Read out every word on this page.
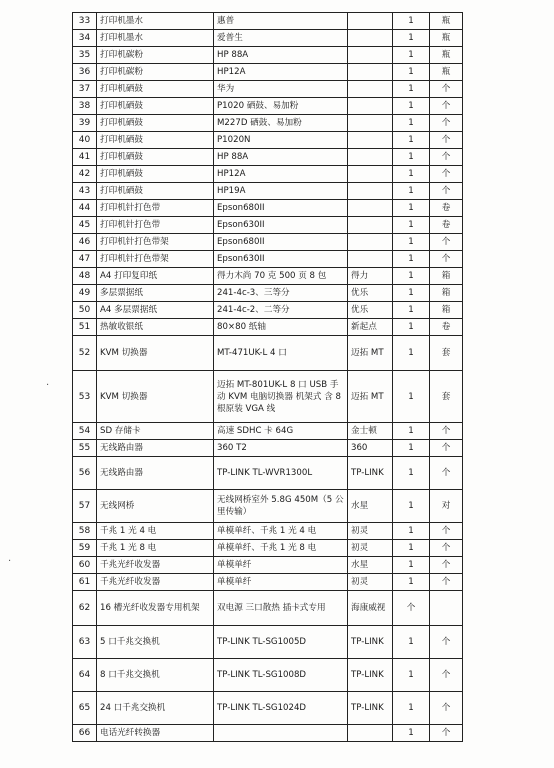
33	打印机墨水	惠普		1	瓶
34	打印机墨水	爱普生		1	瓶
35	打印机碳粉	HP 88A		1	瓶
36	打印机碳粉	HP12A		1	瓶
37	打印机硒鼓	华为		1	个
38	打印机硒鼓	P1020 硒鼓、易加粉		1	个
39	打印机硒鼓	M227D 硒鼓、易加粉		1	个
40	打印机硒鼓	P1020N		1	个
41	打印机硒鼓	HP 88A		1	个
42	打印机硒鼓	HP12A		1	个
43	打印机硒鼓	HP19A		1	个
44	打印机针打色带	Epson680II		1	卷
45	打印机针打色带	Epson630II		1	卷
46	打印机针打色带架	Epson680II		1	个
47	打印机针打色带架	Epson630II		1	个
48	A4 打印复印纸	得力木尚 70 克 500 页 8 包	得力	1	箱
49	多层票据纸	241-4c-3、三等分	优乐	1	箱
50	A4 多层票据纸	241-4c-2、二等分	优乐	1	箱
51	热敏收银纸	80×80 纸轴	新起点	1	卷
52	KVM 切换器	MT-471UK-L 4 口	迈拓 MT	1	套
53	KVM 切换器	迈拓 MT-801UK-L 8 口 USB 手动 KVM 电脑切换器 机架式 含 8 根原装 VGA 线	迈拓 MT	1	套
54	SD 存储卡	高速 SDHC 卡 64G	金士顿	1	个
55	无线路由器	360 T2	360	1	个
56	无线路由器	TP-LINK TL-WVR1300L	TP-LINK	1	个
57	无线网桥	无线网桥室外 5.8G 450M（5 公里传输）	水星	1	对
58	千兆 1 光 4 电	单模单纤、千兆 1 光 4 电	初灵	1	个
59	千兆 1 光 8 电	单模单纤、千兆 1 光 8 电	初灵	1	个
60	千兆光纤收发器	单模单纤	水星	1	个
61	千兆光纤收发器	单模单纤	初灵	1	个
62	16 槽光纤收发器专用机架	双电源 三口散热 插卡式专用	海康威视	个	
63	5 口千兆交换机	TP-LINK TL-SG1005D	TP-LINK	1	个
64	8 口千兆交换机	TP-LINK TL-SG1008D	TP-LINK	1	个
65	24 口千兆交换机	TP-LINK TL-SG1024D	TP-LINK	1	个
66	电话光纤转换器			1	个
·
·
